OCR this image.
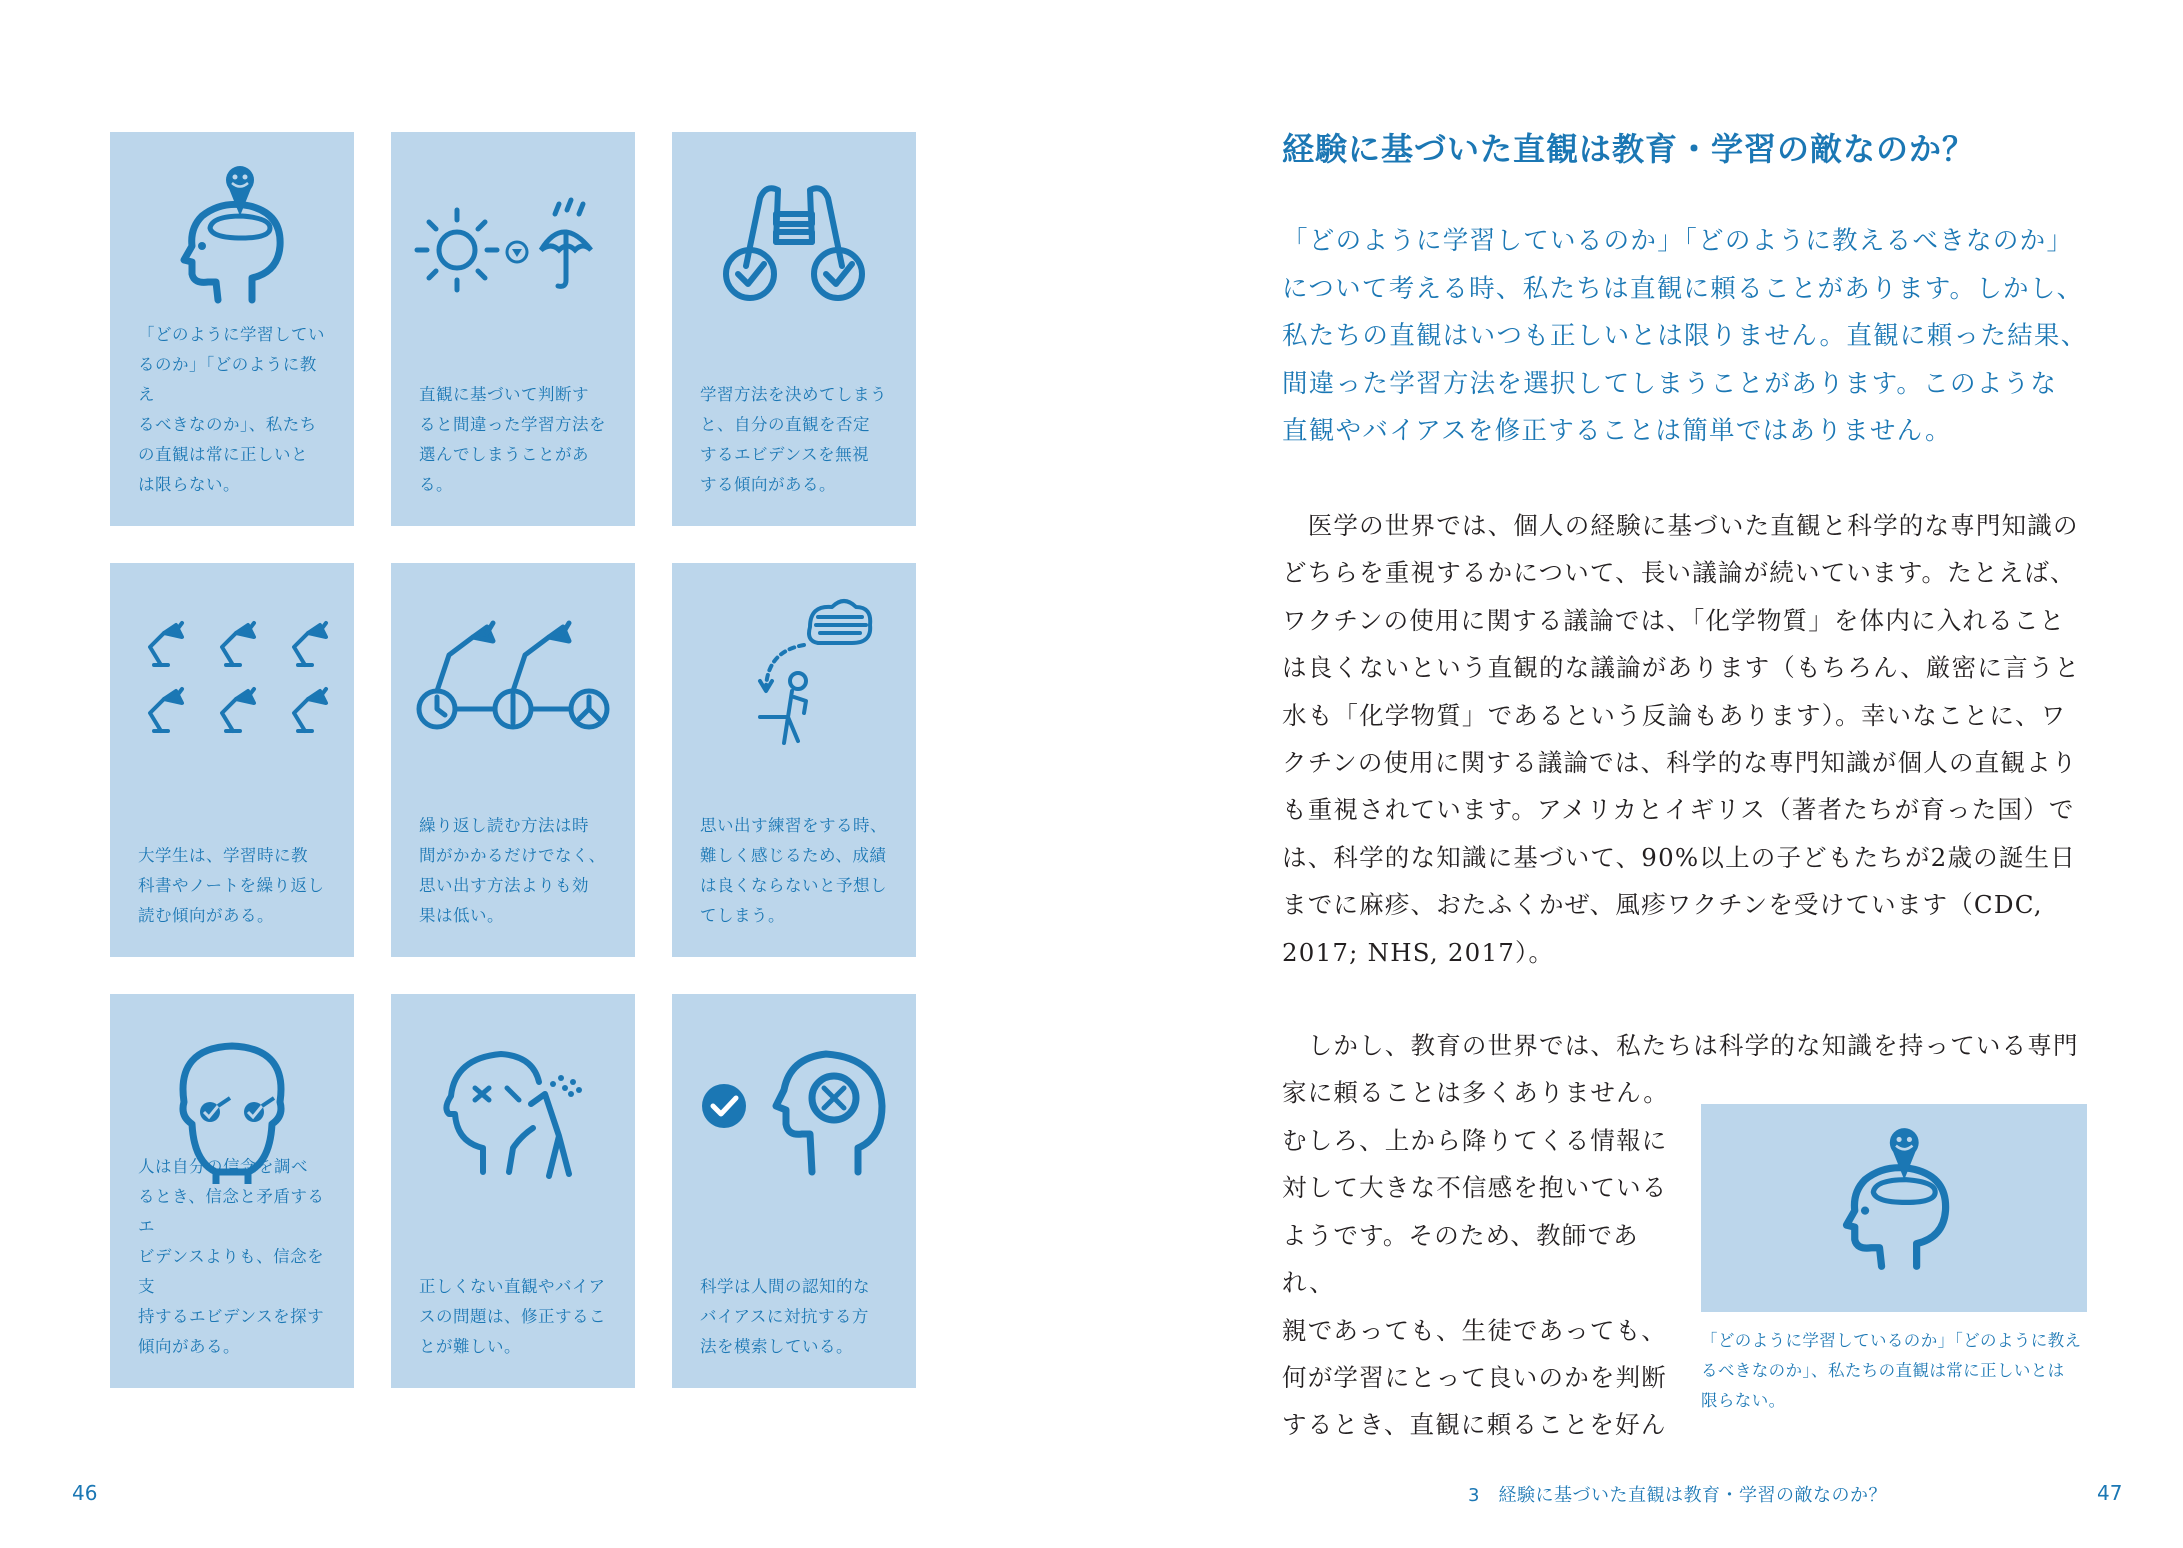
「どのように学習してい
るのか」「どのように教え
るべきなのか」、私たち
の直観は常に正しいと
は限らない。
直観に基づいて判断す
ると間違った学習方法を
選んでしまうことがある。
学習方法を決めてしまう
と、自分の直観を否定
するエビデンスを無視
する傾向がある。
大学生は、学習時に教
科書やノートを繰り返し
読む傾向がある。
繰り返し読む方法は時
間がかかるだけでなく、
思い出す方法よりも効
果は低い。
思い出す練習をする時、
難しく感じるため、成績
は良くならないと予想し
てしまう。
人は自分の信念を調べ
るとき、信念と矛盾するエ
ビデンスよりも、信念を支
持するエビデンスを探す
傾向がある。
正しくない直観やバイア
スの問題は、修正するこ
とが難しい。
科学は人間の認知的な
バイアスに対抗する方
法を模索している。
46
経験に基づいた直観は教育・学習の敵なのか？

「どのように学習しているのか」「どのように教えるべきなのか」
について考える時、私たちは直観に頼ることがあります。しかし、
私たちの直観はいつも正しいとは限りません。直観に頼った結果、
間違った学習方法を選択してしまうことがあります。このような
直観やバイアスを修正することは簡単ではありません。

　医学の世界では、個人の経験に基づいた直観と科学的な専門知識の
どちらを重視するかについて、長い議論が続いています。たとえば、
ワクチンの使用に関する議論では、「化学物質」を体内に入れること
は良くないという直観的な議論があります（もちろん、厳密に言うと
水も「化学物質」であるという反論もあります）。幸いなことに、ワ
クチンの使用に関する議論では、科学的な専門知識が個人の直観より
も重視されています。アメリカとイギリス（著者たちが育った国）で
は、科学的な知識に基づいて、90%以上の子どもたちが2歳の誕生日
までに麻疹、おたふくかぜ、風疹ワクチンを受けています（CDC,
2017; NHS, 2017）。

　しかし、教育の世界では、私たちは科学的な知識を持っている専門
家に頼ることは多くありません。

むしろ、上から降りてくる情報に
対して大きな不信感を抱いている
ようです。そのため、教師であれ、
親であっても、生徒であっても、
何が学習にとって良いのかを判断
するとき、直観に頼ることを好ん

「どのように学習しているのか」「どのように教え
るべきなのか」、私たちの直観は常に正しいとは
限らない。

3　経験に基づいた直観は教育・学習の敵なのか？	47
